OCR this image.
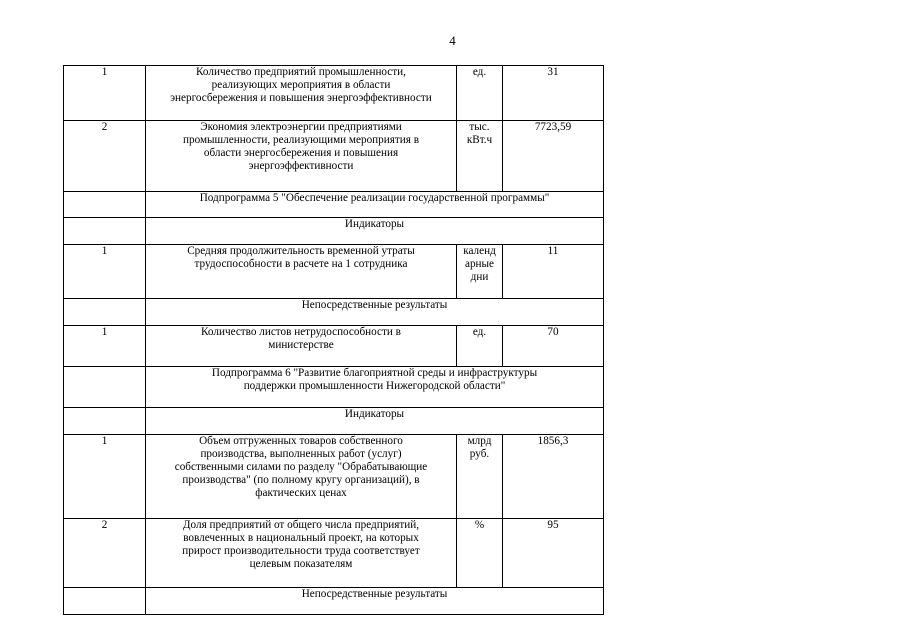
4
1	Количество предприятий промышленности,
реализующих мероприятия в области
энергосбережения и повышения энергоэффективности	ед.	31
2	Экономия электроэнергии предприятиями
промышленности, реализующими мероприятия в
области энергосбережения и повышения
энергоэффективности	тыс.
кВт.ч	7723,59

	Подпрограмма 5 "Обеспечение реализации государственной программы"		

	Индикаторы		

1	Средняя продолжительность временной утраты
трудоспособности в расчете на 1 сотрудника	календ
арные
дни	11

	Непосредственные результаты		

1	Количество листов нетрудоспособности в
министерстве	ед.	70

	Подпрограмма 6 "Развитие благоприятной среды и инфраструктуры
поддержки промышленности Нижегородской области"		

	Индикаторы		

1	Объем отгруженных товаров собственного
производства, выполненных работ (услуг)
собственными силами по разделу "Обрабатывающие
производства" (по полному кругу организаций), в
фактических ценах	млрд
руб.	1856,3
2	Доля предприятий от общего числа предприятий,
вовлеченных в национальный проект, на которых
прирост производительности труда соответствует
целевым показателям	%	95

	Непосредственные результаты		
